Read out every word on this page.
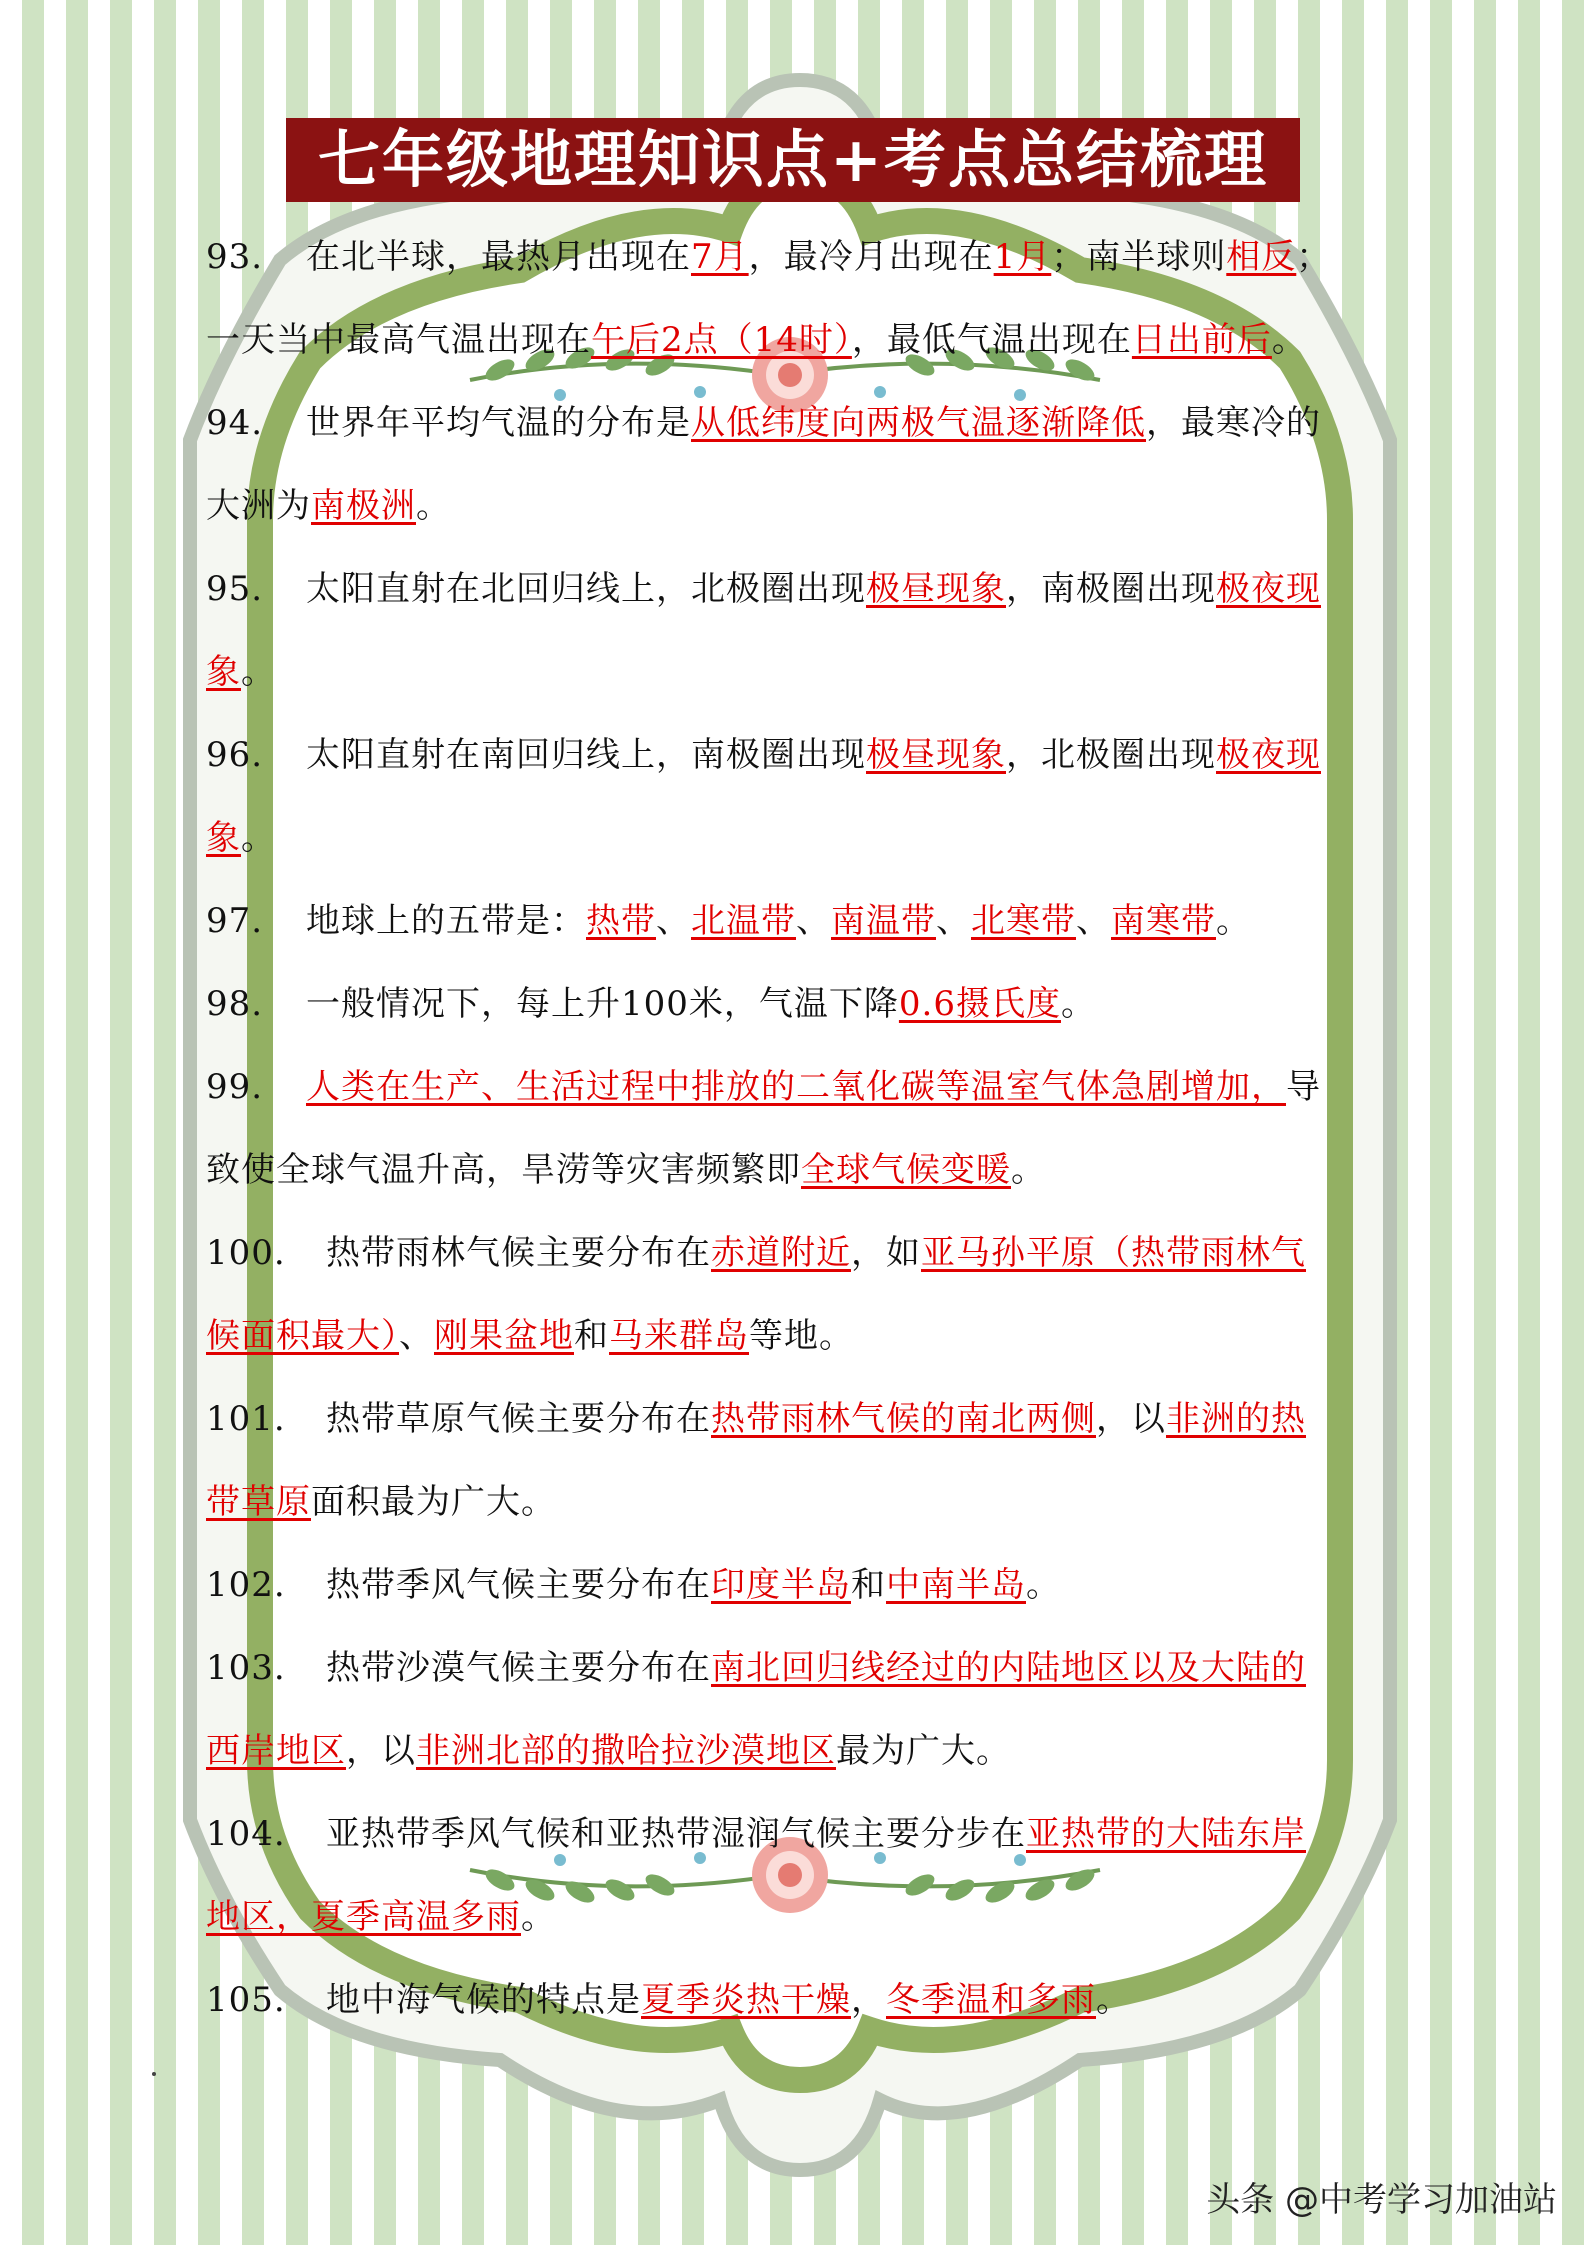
七年级地理知识点+考点总结梳理
93. 在北半球，最热月出现在7月，最冷月出现在1月；南半球则相反；
一天当中最高气温出现在午后2点（14时），最低气温出现在日出前后。
94. 世界年平均气温的分布是从低纬度向两极气温逐渐降低，最寒冷的
大洲为南极洲。
95. 太阳直射在北回归线上，北极圈出现极昼现象，南极圈出现极夜现
象。
96. 太阳直射在南回归线上，南极圈出现极昼现象，北极圈出现极夜现
象。
97. 地球上的五带是：热带、北温带、南温带、北寒带、南寒带。
98. 一般情况下，每上升100米，气温下降0.6摄氏度。
99. 人类在生产、生活过程中排放的二氧化碳等温室气体急剧增加，导
致使全球气温升高，旱涝等灾害频繁即全球气候变暖。
100. 热带雨林气候主要分布在赤道附近，如亚马孙平原（热带雨林气
候面积最大）、刚果盆地和马来群岛等地。
101. 热带草原气候主要分布在热带雨林气候的南北两侧，以非洲的热
带草原面积最为广大。
102. 热带季风气候主要分布在印度半岛和中南半岛。
103. 热带沙漠气候主要分布在南北回归线经过的内陆地区以及大陆的
西岸地区，以非洲北部的撒哈拉沙漠地区最为广大。
104. 亚热带季风气候和亚热带湿润气候主要分步在亚热带的大陆东岸
地区，夏季高温多雨。
105. 地中海气候的特点是夏季炎热干燥，冬季温和多雨。
头条 @中考学习加油站
